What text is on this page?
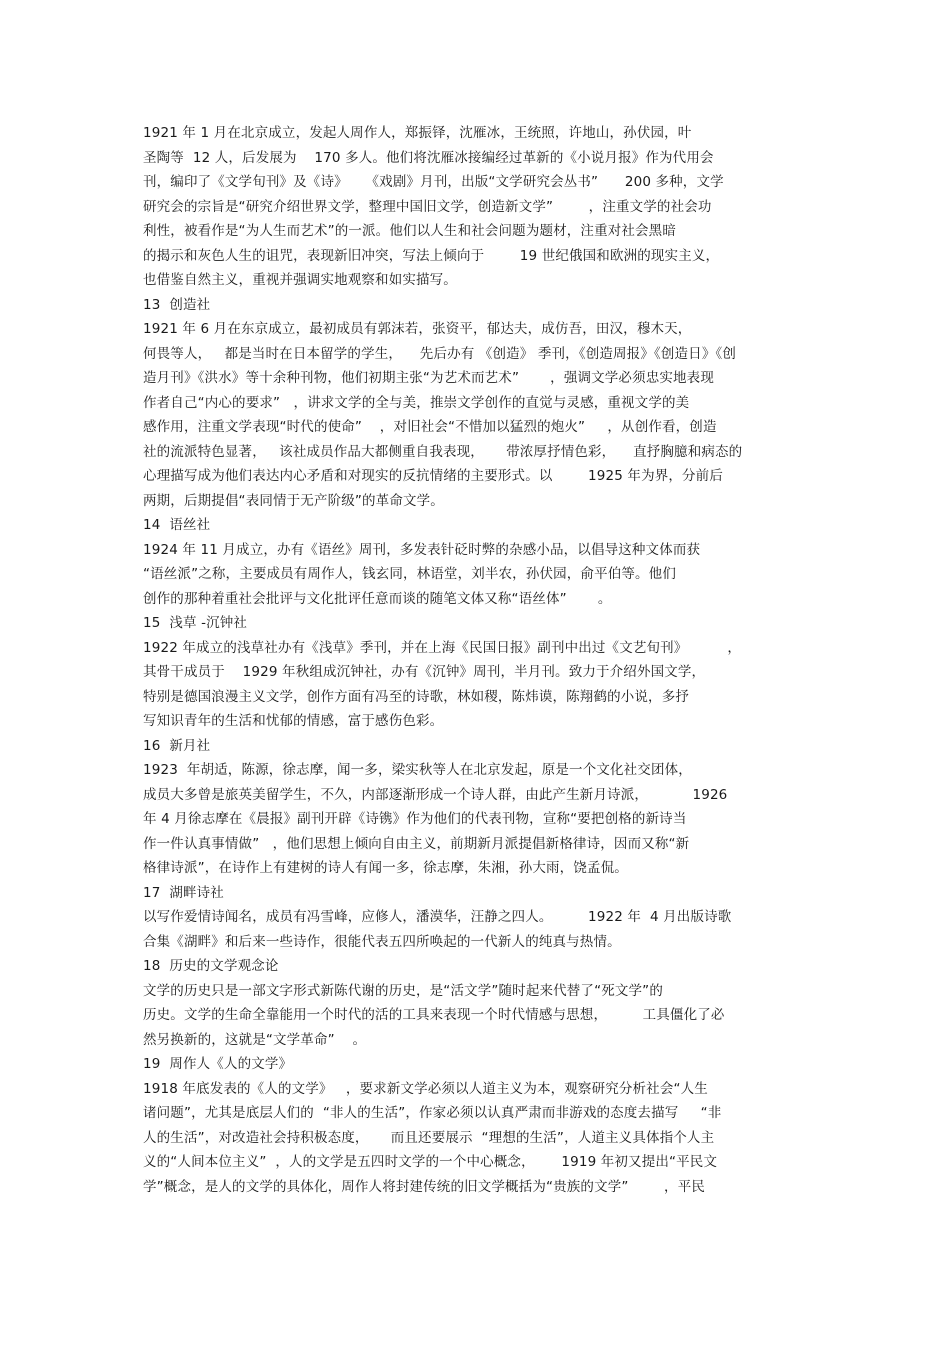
1921 年 1 月在北京成立，发起人周作人，郑振铎，沈雁冰，王统照，许地山，孙伏园，叶
圣陶等  12 人，后发展为    170 多人。他们将沈雁冰接编经过革新的《小说月报》作为代用会
刊，编印了《文学旬刊》及《诗》    《戏剧》月刊，出版“文学研究会丛书”      200 多种，文学
研究会的宗旨是“研究介绍世界文学，整理中国旧文学，创造新文学”        ，注重文学的社会功
利性，被看作是“为人生而艺术”的一派。他们以人生和社会问题为题材，注重对社会黑暗
的揭示和灰色人生的诅咒，表现新旧冲突，写法上倾向于        19 世纪俄国和欧洲的现实主义，
也借鉴自然主义，重视并强调实地观察和如实描写。
13  创造社
1921 年 6 月在东京成立，最初成员有郭沫若，张资平，郁达夫，成仿吾，田汉，穆木天，
何畏等人，   都是当时在日本留学的学生，    先后办有 《创造》 季刊，《创造周报》《创造日》《创
造月刊》《洪水》等十余种刊物，他们初期主张“为艺术而艺术”       ，强调文学必须忠实地表现
作者自己“内心的要求”   ，讲求文学的全与美，推崇文学创作的直觉与灵感，重视文学的美
感作用，注重文学表现“时代的使命”    ，对旧社会“不惜加以猛烈的炮火”     ，从创作看，创造
社的流派特色显著，   该社成员作品大都侧重自我表现，     带浓厚抒情色彩，    直抒胸臆和病态的
心理描写成为他们表达内心矛盾和对现实的反抗情绪的主要形式。以        1925 年为界，分前后
两期，后期提倡“表同情于无产阶级”的革命文学。
14  语丝社
1924 年 11 月成立，办有《语丝》周刊，多发表针砭时弊的杂感小品，以倡导这种文体而获
“语丝派”之称，主要成员有周作人，钱玄同，林语堂，刘半农，孙伏园，俞平伯等。他们
创作的那种着重社会批评与文化批评任意而谈的随笔文体又称“语丝体”       。
15  浅草 -沉钟社
1922 年成立的浅草社办有《浅草》季刊，并在上海《民国日报》副刊中出过《文艺旬刊》         ，
其骨干成员于    1929 年秋组成沉钟社，办有《沉钟》周刊，半月刊。致力于介绍外国文学，
特别是德国浪漫主义文学，创作方面有冯至的诗歌，林如稷，陈炜谟，陈翔鹤的小说，多抒
写知识青年的生活和忧郁的情感，富于感伤色彩。
16  新月社
1923  年胡适，陈源，徐志摩，闻一多，梁实秋等人在北京发起，原是一个文化社交团体，
成员大多曾是旅英美留学生，不久，内部逐渐形成一个诗人群，由此产生新月诗派，          1926
年 4 月徐志摩在《晨报》副刊开辟《诗镌》作为他们的代表刊物，宣称“要把创格的新诗当
作一件认真事情做”   ，他们思想上倾向自由主义，前期新月派提倡新格律诗，因而又称“新
格律诗派”，在诗作上有建树的诗人有闻一多，徐志摩，朱湘，孙大雨，饶孟侃。
17  湖畔诗社
以写作爱情诗闻名，成员有冯雪峰，应修人，潘漠华，汪静之四人。        1922 年  4 月出版诗歌
合集《湖畔》和后来一些诗作，很能代表五四所唤起的一代新人的纯真与热情。
18  历史的文学观念论
文学的历史只是一部文字形式新陈代谢的历史，是“活文学”随时起来代替了“死文学”的
历史。文学的生命全靠能用一个时代的活的工具来表现一个时代情感与思想，        工具僵化了必
然另换新的，这就是“文学革命”    。
19  周作人《人的文学》
1918 年底发表的《人的文学》   ，要求新文学必须以人道主义为本，观察研究分析社会“人生
诸问题”，尤其是底层人们的  “非人的生活”，作家必须以认真严肃而非游戏的态度去描写     “非
人的生活”，对改造社会持积极态度，     而且还要展示  “理想的生活”，人道主义具体指个人主
义的“人间本位主义”  ，人的文学是五四时文学的一个中心概念，      1919 年初又提出“平民文
学”概念，是人的文学的具体化，周作人将封建传统的旧文学概括为“贵族的文学”        ，平民
